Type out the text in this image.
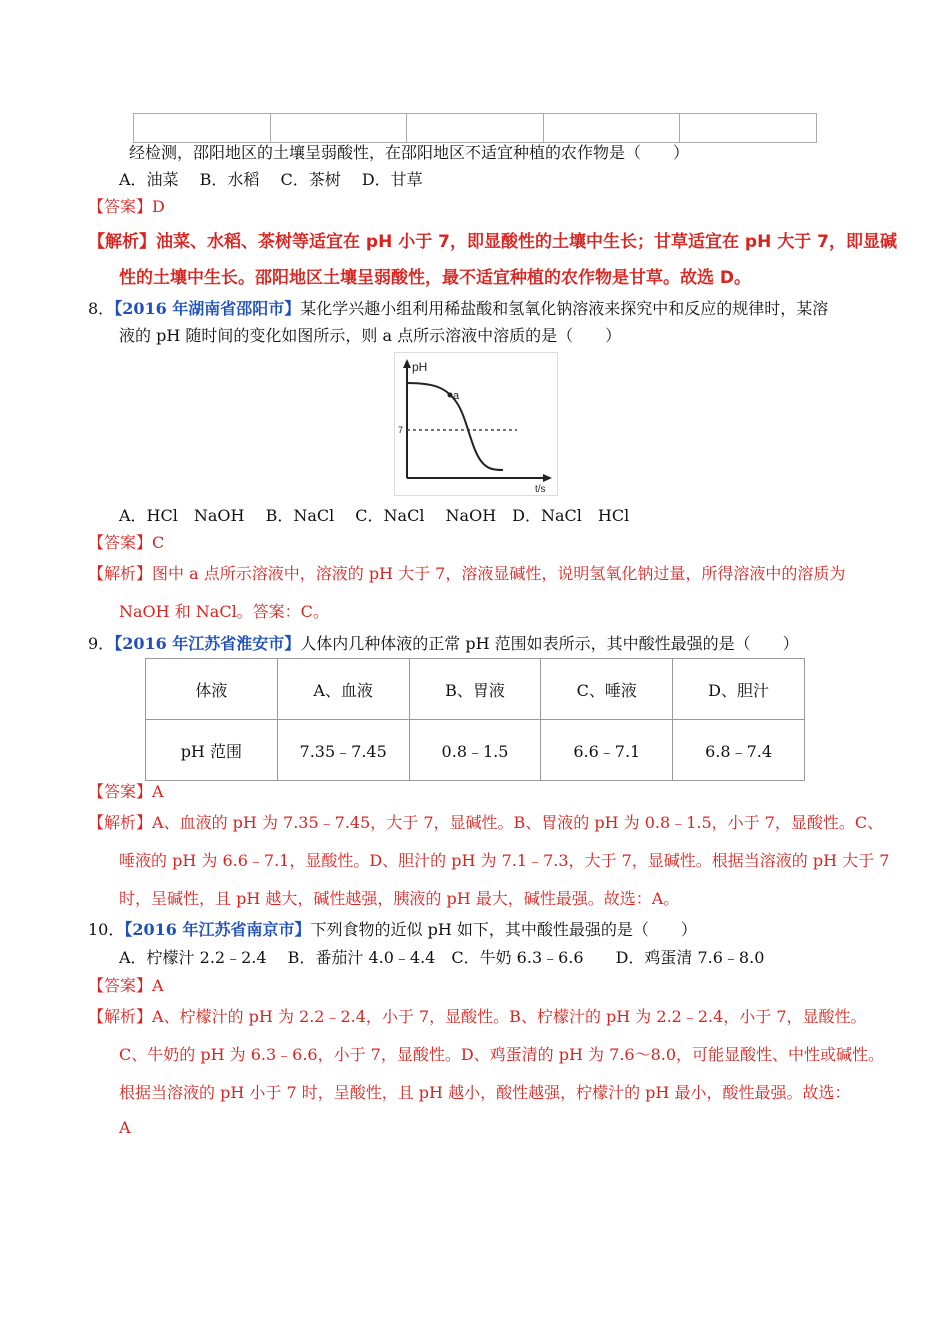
经检测，邵阳地区的土壤呈弱酸性，在邵阳地区不适宜种植的农作物是（　　）
A．油菜　 B．水稻　 C．茶树　 D．甘草
【答案】D
【解析】油菜、水稻、茶树等适宜在 pH 小于 7，即显酸性的土壤中生长；甘草适宜在 pH 大于 7，即显碱
性的土壤中生长。邵阳地区土壤呈弱酸性，最不适宜种植的农作物是甘草。故选 D。
8．【2016 年湖南省邵阳市】某化学兴趣小组利用稀盐酸和氢氧化钠溶液来探究中和反应的规律时，某溶
液的 pH 随时间的变化如图所示，则 a 点所示溶液中溶质的是（　　）
pH
a
7
t/s
A．HCl　NaOH　 B．NaCl　 C．NaCl　 NaOH　D．NaCl　HCl
【答案】C
【解析】图中 a 点所示溶液中，溶液的 pH 大于 7，溶液显碱性，说明氢氧化钠过量，所得溶液中的溶质为
NaOH 和 NaCl。答案：C。
9．【2016 年江苏省淮安市】人体内几种体液的正常 pH 范围如表所示，其中酸性最强的是（　　）
体液	A、血液	B、胃液	C、唾液	D、胆汁
pH 范围	7.35﹣7.45	0.8﹣1.5	6.6﹣7.1	6.8﹣7.4
【答案】A
【解析】A、血液的 pH 为 7.35﹣7.45，大于 7，显碱性。B、胃液的 pH 为 0.8﹣1.5，小于 7，显酸性。C、
唾液的 pH 为 6.6﹣7.1，显酸性。D、胆汁的 pH 为 7.1﹣7.3，大于 7，显碱性。根据当溶液的 pH 大于 7
时，呈碱性，且 pH 越大，碱性越强，胰液的 pH 最大，碱性最强。故选：A。
10．【2016 年江苏省南京市】下列食物的近似 pH 如下，其中酸性最强的是（　　）
A．柠檬汁 2.2﹣2.4　 B．番茄汁 4.0﹣4.4　C．牛奶 6.3﹣6.6　　D．鸡蛋清 7.6﹣8.0
【答案】A
【解析】A、柠檬汁的 pH 为 2.2﹣2.4，小于 7，显酸性。B、柠檬汁的 pH 为 2.2﹣2.4，小于 7，显酸性。
C、牛奶的 pH 为 6.3﹣6.6，小于 7，显酸性。D、鸡蛋清的 pH 为 7.6～8.0，可能显酸性、中性或碱性。
根据当溶液的 pH 小于 7 时，呈酸性，且 pH 越小，酸性越强，柠檬汁的 pH 最小，酸性最强。故选：
A
